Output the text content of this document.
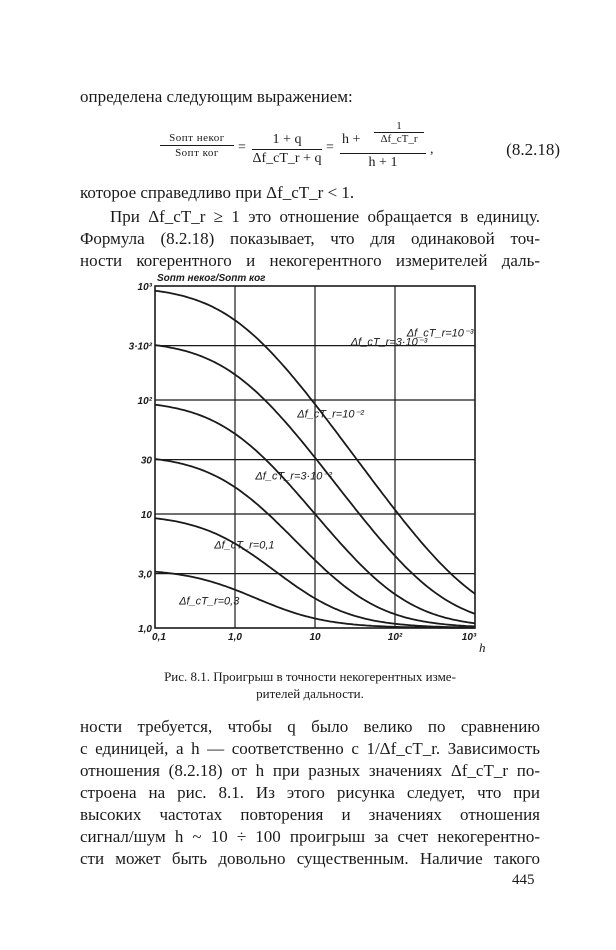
определена следующим выражением:
Sопт неког
Sопт ког	= $\frac{1 + q}{\Delta f\_cT\_r + q} = \frac{h + \frac{1}{\Delta f\_cT\_r}}{h + 1}$ ,	(8.2.18)
которое справедливо при Δf_cT_r < 1.
При Δf_cT_r ≥ 1 это отношение обращается в единицу.
Формула (8.2.18) показывает, что для одинаковой точ-
ности когерентного и некогерентного измерителей даль-
0,1	1,0	10	10²	10³
1,0
3,0
10
30
10²
3·10²
10³
Δf_cT_r=10⁻³
Δf_cT_r=3·10⁻³
Δf_cT_r=10⁻²
Δf_cT_r=3·10⁻²
Δf_cT_r=0,1
Δf_cT_r=0,3
Sопт неког/Sопт ког
h
Рис. 8.1. Проигрыш в точности некогерентных изме-
рителей дальности.
ности требуется, чтобы q было велико по сравнению
с единицей, а h — соответственно с 1/Δf_cT_r. Зависимость
отношения (8.2.18) от h при разных значениях Δf_cT_r по-
строена на рис. 8.1. Из этого рисунка следует, что при
высоких частотах повторения и значениях отношения
сигнал/шум h ~ 10 ÷ 100 проигрыш за счет некогерентно-
сти может быть довольно существенным. Наличие такого
445
